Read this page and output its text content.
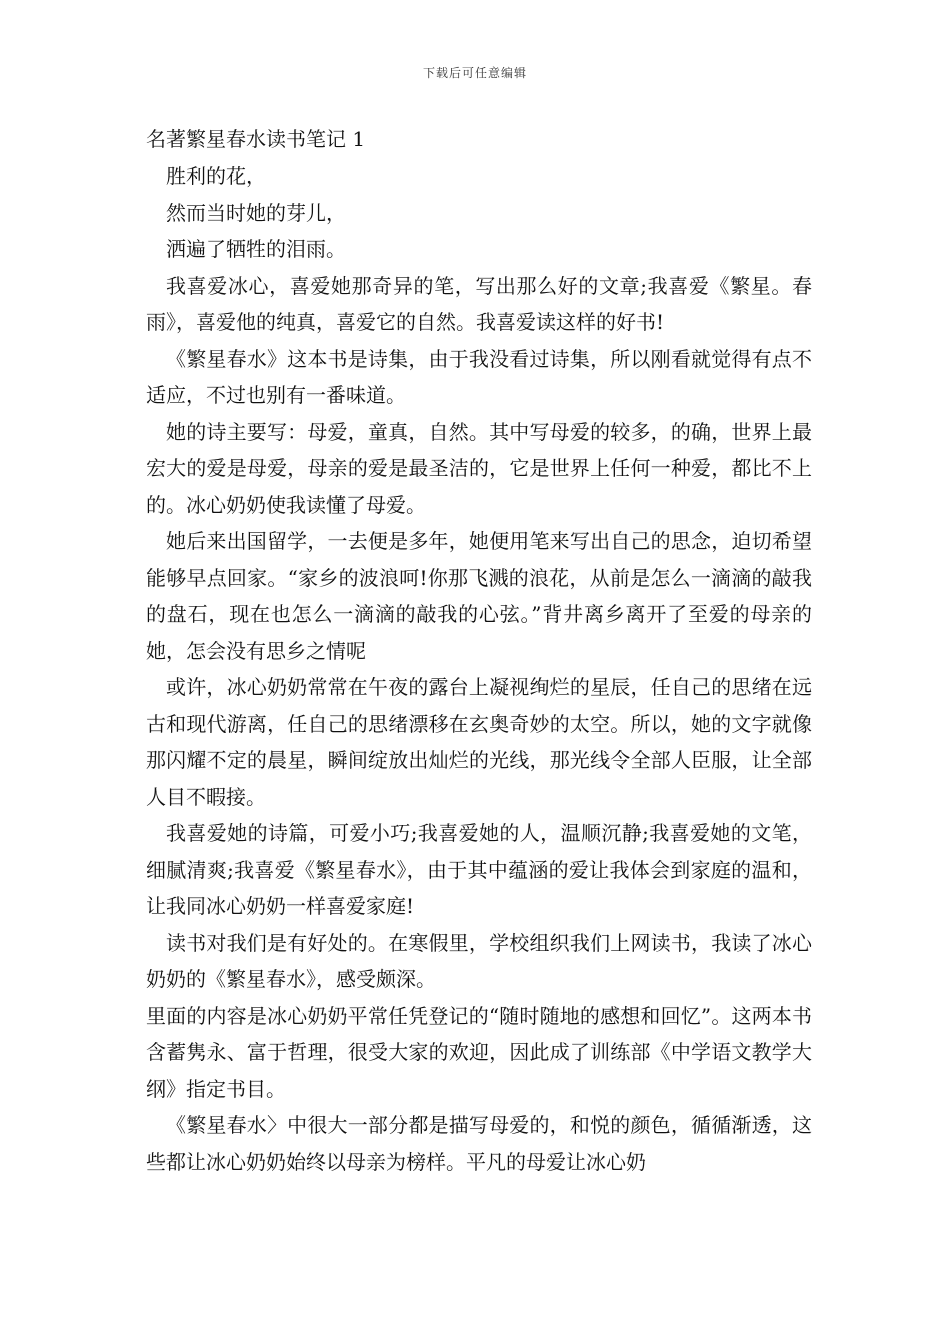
下载后可任意编辑
名著繁星春水读书笔记 1

胜利的花，

然而当时她的芽儿，

洒遍了牺牲的泪雨。

我喜爱冰心，喜爱她那奇异的笔，写出那么好的文章;我喜爱《繁星。春雨》，喜爱他的纯真，喜爱它的自然。我喜爱读这样的好书!

《繁星春水》这本书是诗集，由于我没看过诗集，所以刚看就觉得有点不适应，不过也别有一番味道。

她的诗主要写：母爱，童真，自然。其中写母爱的较多，的确，世界上最宏大的爱是母爱，母亲的爱是最圣洁的，它是世界上任何一种爱，都比不上的。冰心奶奶使我读懂了母爱。

她后来出国留学，一去便是多年，她便用笔来写出自己的思念，迫切希望能够早点回家。“家乡的波浪呵!你那飞溅的浪花，从前是怎么一滴滴的敲我的盘石，现在也怎么一滴滴的敲我的心弦。”背井离乡离开了至爱的母亲的她，怎会没有思乡之情呢

或许，冰心奶奶常常在午夜的露台上凝视绚烂的星辰，任自己的思绪在远古和现代游离，任自己的思绪漂移在玄奥奇妙的太空。所以，她的文字就像那闪耀不定的晨星，瞬间绽放出灿烂的光线，那光线令全部人臣服，让全部人目不暇接。

我喜爱她的诗篇，可爱小巧;我喜爱她的人，温顺沉静;我喜爱她的文笔，细腻清爽;我喜爱《繁星春水》，由于其中蕴涵的爱让我体会到家庭的温和，让我同冰心奶奶一样喜爱家庭!

读书对我们是有好处的。在寒假里，学校组织我们上网读书，我读了冰心奶奶的《繁星春水》，感受颇深。

里面的内容是冰心奶奶平常任凭登记的“随时随地的感想和回忆”。这两本书含蓄隽永、富于哲理，很受大家的欢迎，因此成了训练部《中学语文教学大纲》指定书目。

《繁星春水〉中很大一部分都是描写母爱的，和悦的颜色，循循渐透，这些都让冰心奶奶始终以母亲为榜样。平凡的母爱让冰心奶
